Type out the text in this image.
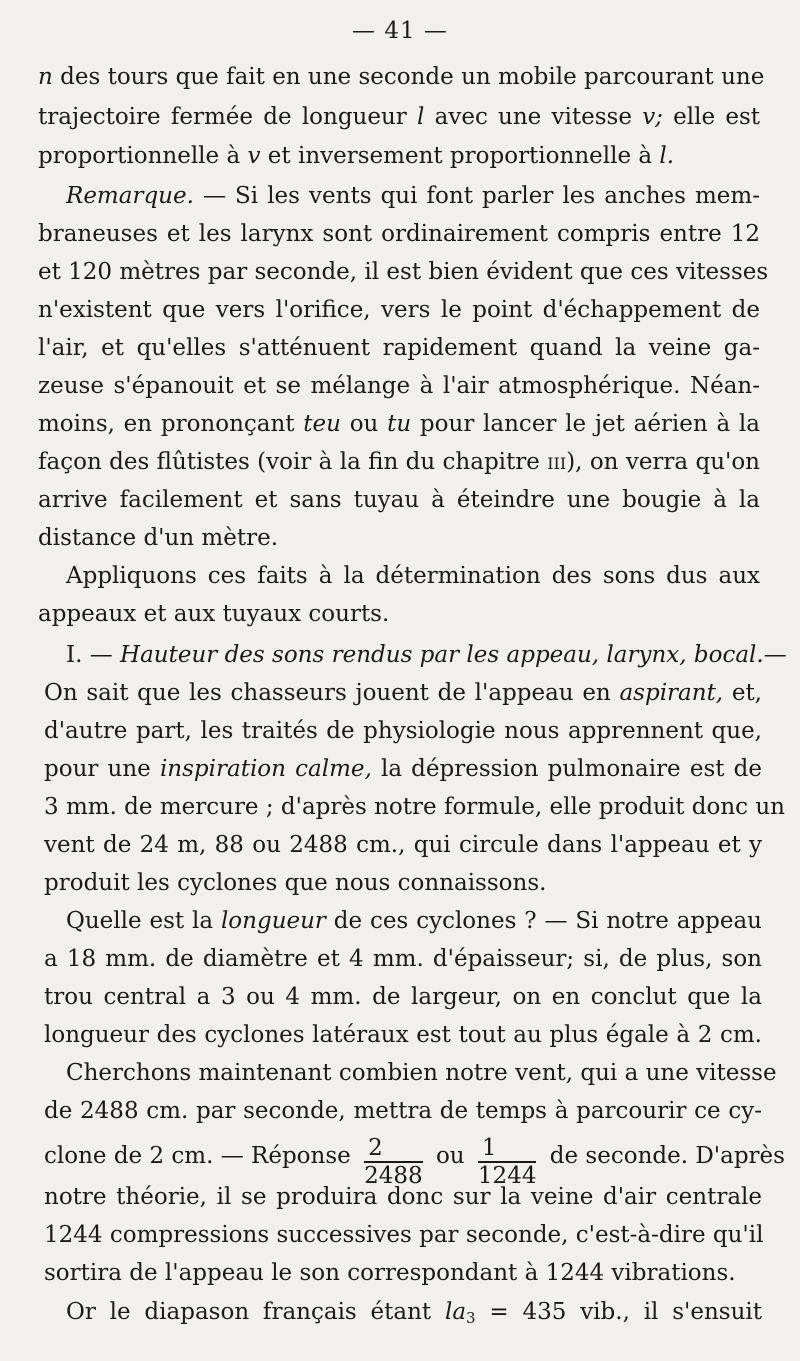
— 41 —
n des tours que fait en une seconde un mobile parcourant une
trajectoire fermée de longueur l avec une vitesse v; elle est
proportionnelle à v et inversement proportionnelle à l.
Remarque. — Si les vents qui font parler les anches mem-
braneuses et les larynx sont ordinairement compris entre 12
et 120 mètres par seconde, il est bien évident que ces vitesses
n'existent que vers l'orifice, vers le point d'échappement de
l'air, et qu'elles s'atténuent rapidement quand la veine ga-
zeuse s'épanouit et se mélange à l'air atmosphérique. Néan-
moins, en prononçant teu ou tu pour lancer le jet aérien à la
façon des flûtistes (voir à la fin du chapitre iii), on verra qu'on
arrive facilement et sans tuyau à éteindre une bougie à la
distance d'un mètre.
Appliquons ces faits à la détermination des sons dus aux
appeaux et aux tuyaux courts.
I. — Hauteur des sons rendus par les appeau, larynx, bocal.—
On sait que les chasseurs jouent de l'appeau en aspirant, et,
d'autre part, les traités de physiologie nous apprennent que,
pour une inspiration calme, la dépression pulmonaire est de
3 mm. de mercure ; d'après notre formule, elle produit donc un
vent de 24 m, 88 ou 2488 cm., qui circule dans l'appeau et y
produit les cyclones que nous connaissons.
Quelle est la longueur de ces cyclones ? — Si notre appeau
a 18 mm. de diamètre et 4 mm. d'épaisseur; si, de plus, son
trou central a 3 ou 4 mm. de largeur, on en conclut que la
longueur des cyclones latéraux est tout au plus égale à 2 cm.
Cherchons maintenant combien notre vent, qui a une vitesse
de 2488 cm. par seconde, mettra de temps à parcourir ce cy-
clone de 2 cm. — Réponse $\frac{2}{2488}$ ou $\frac{1}{1244}$ de seconde. D'après
notre théorie, il se produira donc sur la veine d'air centrale
1244 compressions successives par seconde, c'est-à-dire qu'il
sortira de l'appeau le son correspondant à 1244 vibrations.
Or le diapason français étant $la_3 = 435$ vib., il s'ensuit
